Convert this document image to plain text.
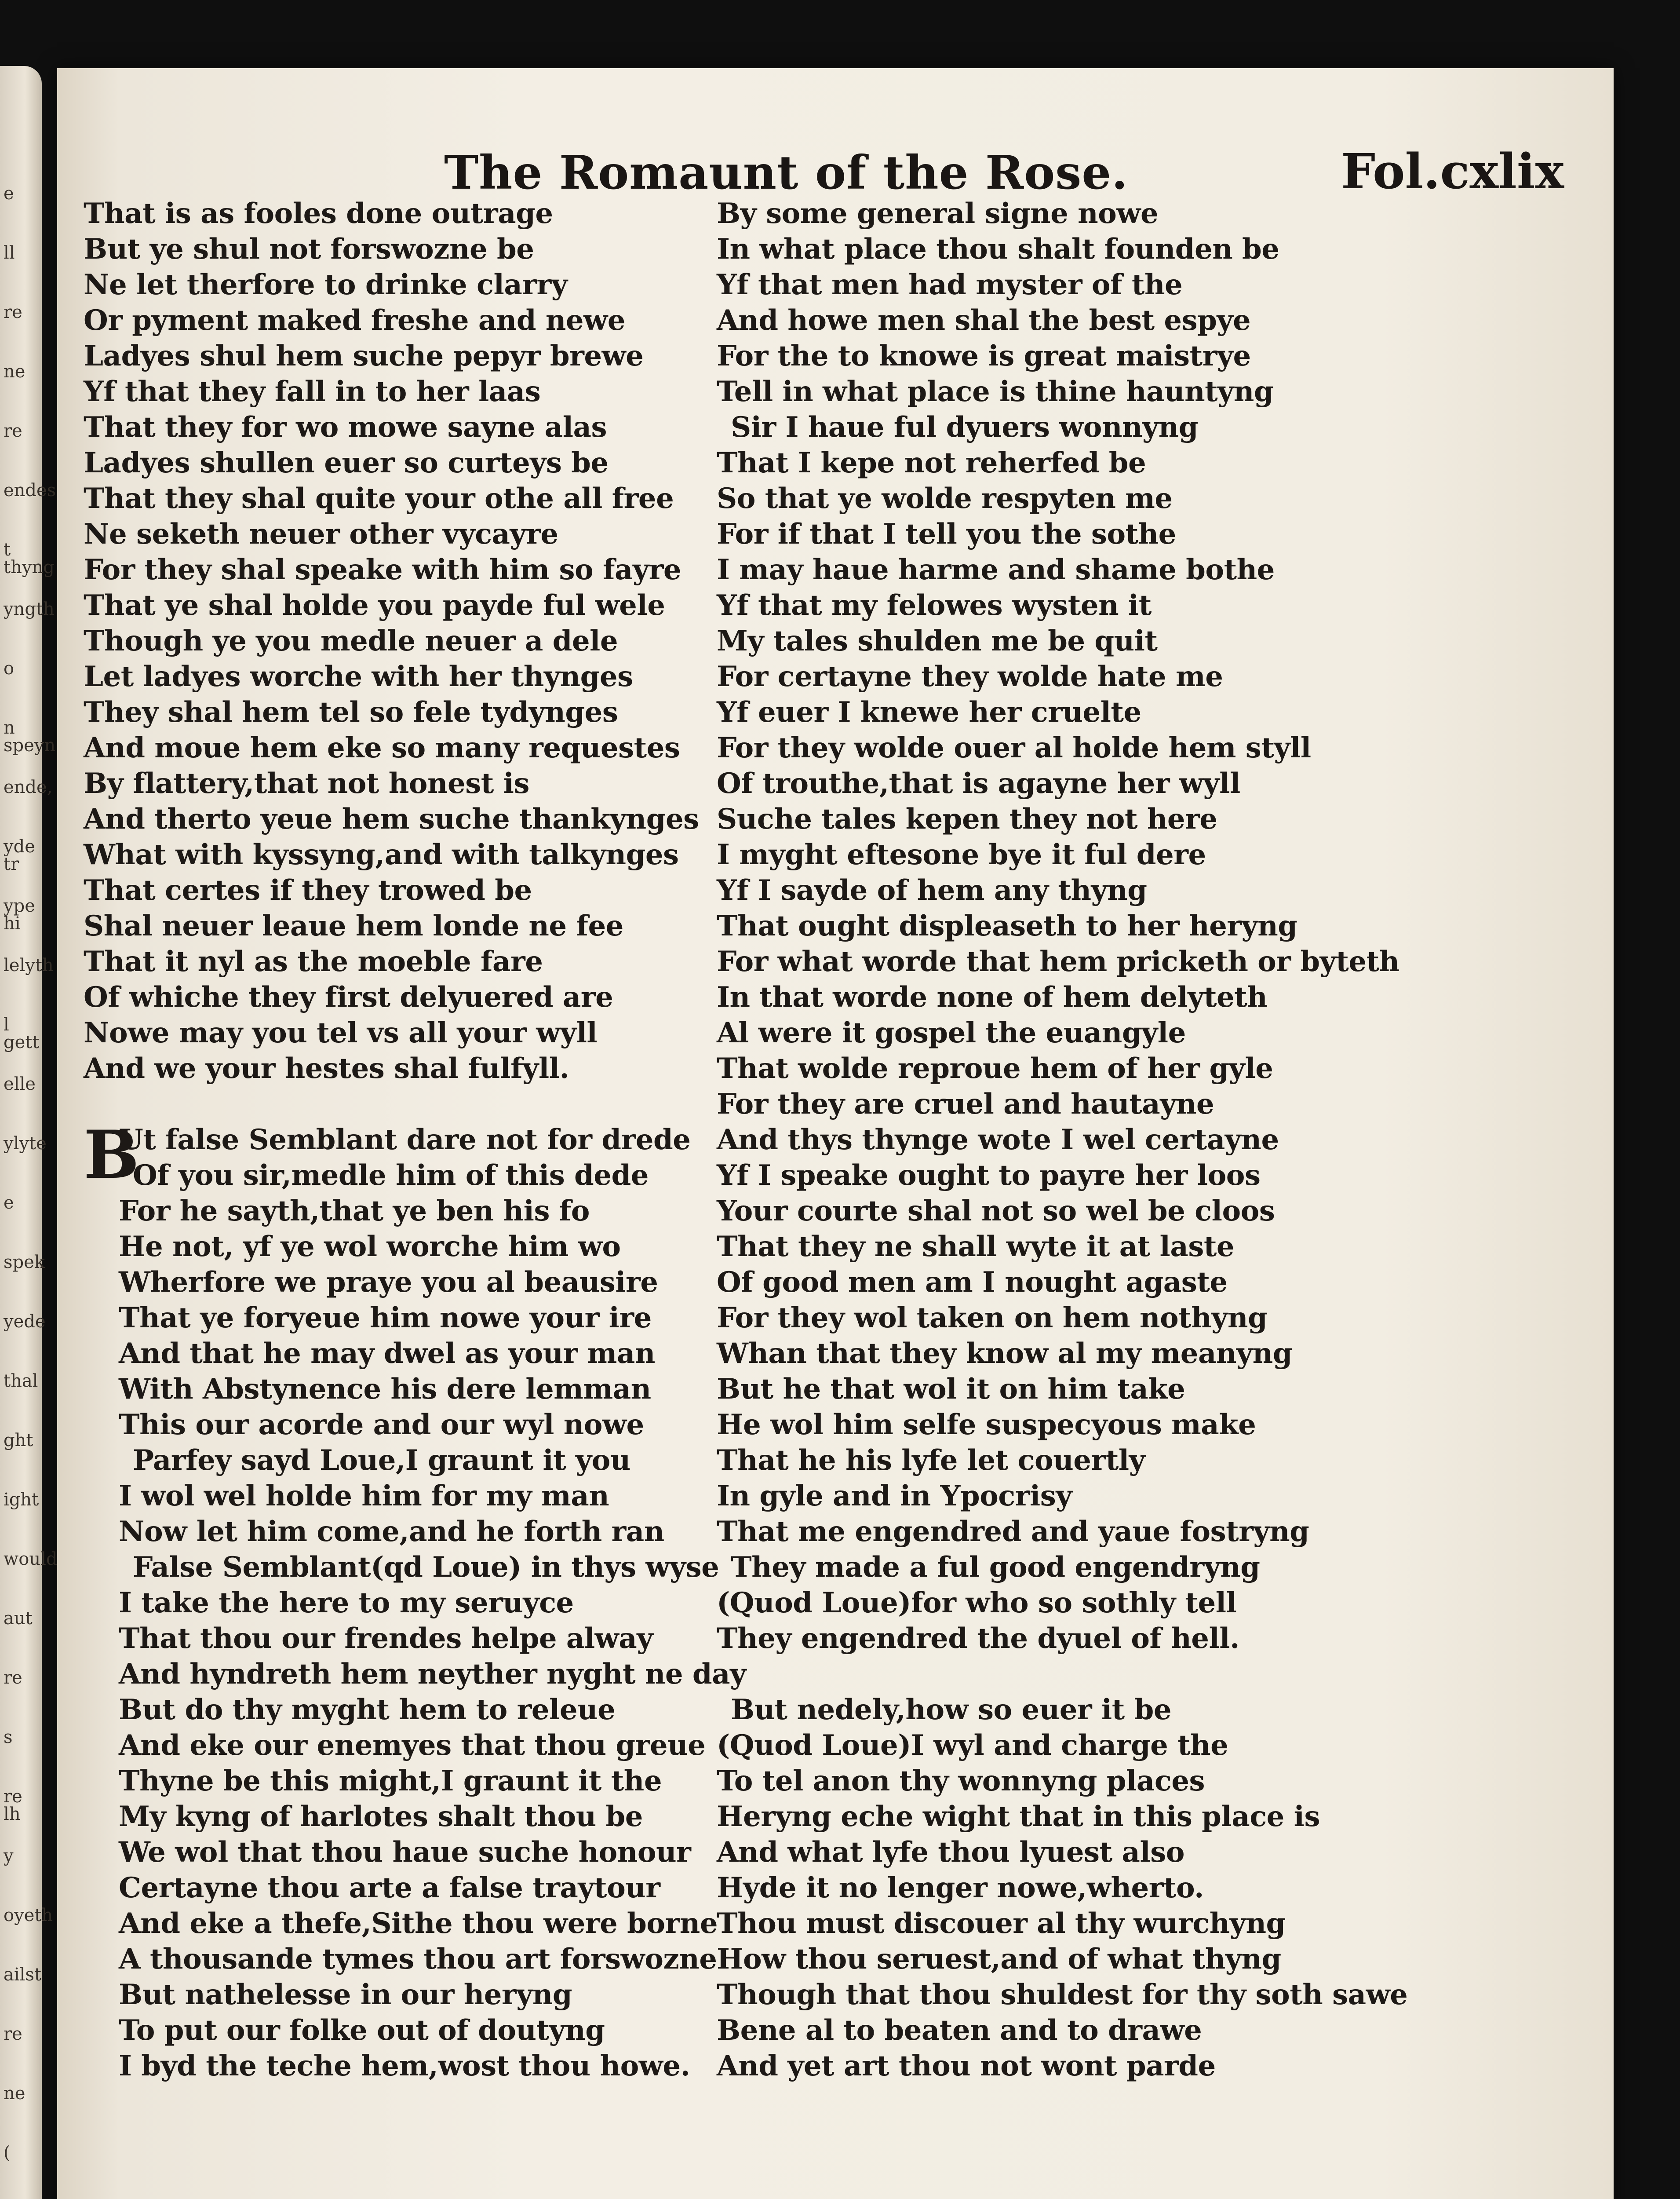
e
ll
re
ne
re
endes
t thyng
yngth
o
n speyn
ende,
yde tr
ype hi
lelyth
l gett
elle
ylyte
e
spek
yede
thal
ght
ight
would
aut
re
s
re lh
y
oyeth
ailst
re
ne
(
The Romaunt of the Rose.	Fol.cxlix
That is as fooles done outrage
But ye shul not forswozne be
Ne let therfore to drinke clarry
Or pyment maked freshe and newe
Ladyes shul hem suche pepyr brewe
Yf that they fall in to her laas
That they for wo mowe sayne alas
Ladyes shullen euer so curteys be
That they shal quite your othe all free
Ne seketh neuer other vycayre
For they shal speake with him so fayre
That ye shal holde you payde ful wele
Though ye you medle neuer a dele
Let ladyes worche with her thynges
They shal hem tel so fele tydynges
And moue hem eke so many requestes
By flattery,that not honest is
And therto yeue hem suche thankynges
What with kyssyng,and with talkynges
That certes if they trowed be
Shal neuer leaue hem londe ne fee
That it nyl as the moeble fare
Of whiche they first delyuered are
Nowe may you tel vs all your wyll
And we your hestes shal fulfyll.
B
Ut false Semblant dare not for drede
Of you sir,medle him of this dede
For he sayth,that ye ben his fo
He not, yf ye wol worche him wo
Wherfore we praye you al beausire
That ye foryeue him nowe your ire
And that he may dwel as your man
With Abstynence his dere lemman
This our acorde and our wyl nowe
Parfey sayd Loue,I graunt it you
I wol wel holde him for my man
Now let him come,and he forth ran
False Semblant(qd Loue) in thys wyse
I take the here to my seruyce
That thou our frendes helpe alway
And hyndreth hem neyther nyght ne day
But do thy myght hem to releue
And eke our enemyes that thou greue
Thyne be this might,I graunt it the
My kyng of harlotes shalt thou be
We wol that thou haue suche honour
Certayne thou arte a false traytour
And eke a thefe,Sithe thou were borne
A thousande tymes thou art forswozne
But nathelesse in our heryng
To put our folke out of doutyng
I byd the teche hem,wost thou howe.
By some general signe nowe
In what place thou shalt founden be
Yf that men had myster of the
And howe men shal the best espye
For the to knowe is great maistrye
Tell in what place is thine hauntyng
Sir I haue ful dyuers wonnyng
That I kepe not reherfed be
So that ye wolde respyten me
For if that I tell you the sothe
I may haue harme and shame bothe
Yf that my felowes wysten it
My tales shulden me be quit
For certayne they wolde hate me
Yf euer I knewe her cruelte
For they wolde ouer al holde hem styll
Of trouthe,that is agayne her wyll
Suche tales kepen they not here
I myght eftesone bye it ful dere
Yf I sayde of hem any thyng
That ought displeaseth to her heryng
For what worde that hem pricketh or byteth
In that worde none of hem delyteth
Al were it gospel the euangyle
That wolde reproue hem of her gyle
For they are cruel and hautayne
And thys thynge wote I wel certayne
Yf I speake ought to payre her loos
Your courte shal not so wel be cloos
That they ne shall wyte it at laste
Of good men am I nought agaste
For they wol taken on hem nothyng
Whan that they know al my meanyng
But he that wol it on him take
He wol him selfe suspecyous make
That he his lyfe let couertly
In gyle and in Ypocrisy
That me engendred and yaue fostryng
They made a ful good engendryng
(Quod Loue)for who so sothly tell
They engendred the dyuel of hell.
But nedely,how so euer it be
(Quod Loue)I wyl and charge the
To tel anon thy wonnyng places
Heryng eche wight that in this place is
And what lyfe thou lyuest also
Hyde it no lenger nowe,wherto.
Thou must discouer al thy wurchyng
How thou seruest,and of what thyng
Though that thou shuldest for thy soth sawe
Bene al to beaten and to drawe
And yet art thou not wont parde
